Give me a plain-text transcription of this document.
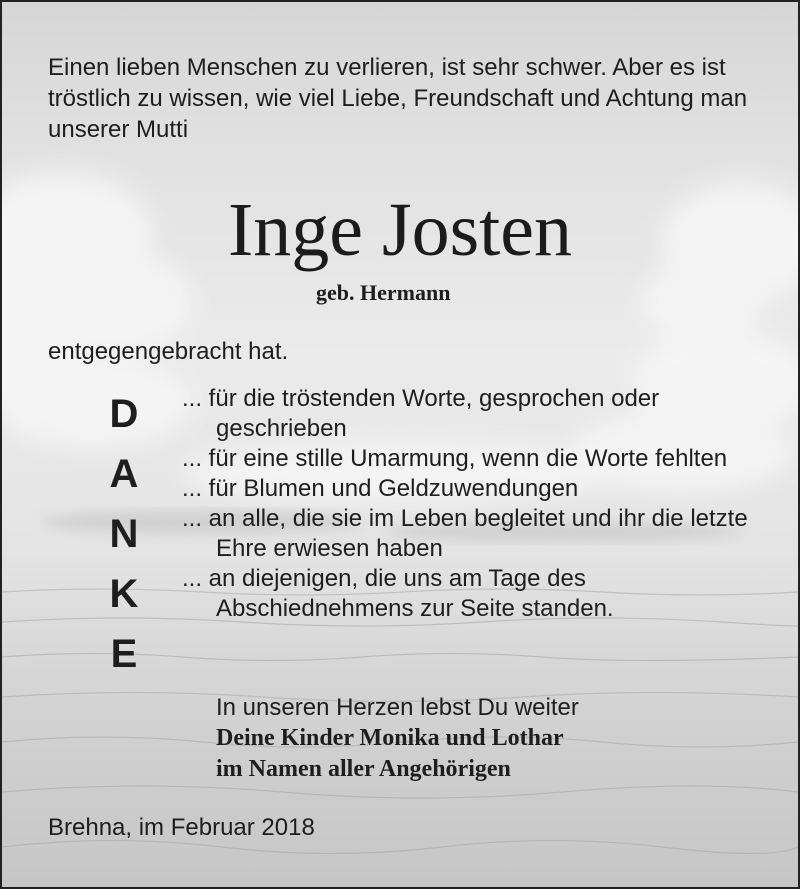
Einen lieben Menschen zu verlieren, ist sehr schwer. Aber es ist tröstlich zu wissen, wie viel Liebe, Freundschaft und Achtung man unserer Mutti

Inge Josten
geb. Hermann
entgegengebracht hat.
D
A
N
K
E

... für die tröstenden Worte, gesprochen oder geschrieben

... für eine stille Umarmung, wenn die Worte fehlten

... für Blumen und Geldzuwendungen

... an alle, die sie im Leben begleitet und ihr die letzte Ehre erwiesen haben

... an diejenigen, die uns am Tage des Abschiednehmens zur Seite standen.

In unseren Herzen lebst Du weiter
Deine Kinder Monika und Lothar
im Namen aller Angehörigen
Brehna, im Februar 2018
